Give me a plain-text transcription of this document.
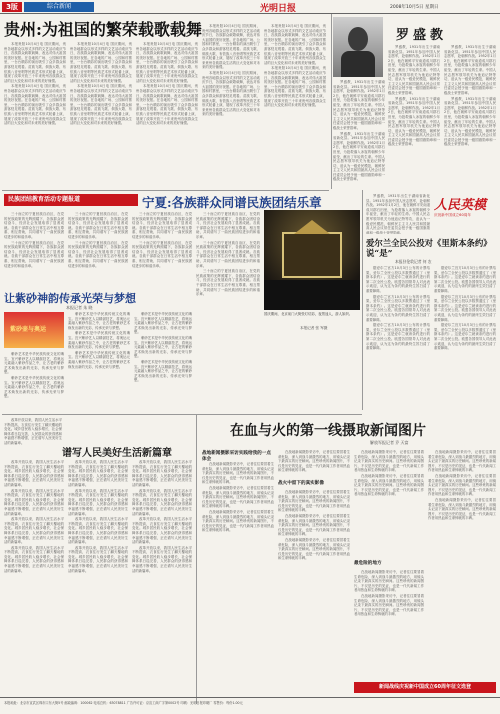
3版	综合新闻	光明日报	2008年10月5日 星期日
贵州:为祖国的繁荣载歌载舞

本报贵阳10月4日电 国庆期间，贵州各地群众以形式多样的文艺活动欢庆节日，各族群众载歌载舞，表达对伟大祖国的美好祝愿。在各地的广场、公园和村寨里，一台台精彩的演出吸引了众多群众和游客驻足观看。苗族飞歌、侗族大歌、布依族八音坐唱等民族艺术形式轮番上演，展现了改革开放三十年来贵州各族群众生活的巨大变化和对未来的美好憧憬。

本报贵阳10月4日电 国庆期间，贵州各地群众以形式多样的文艺活动欢庆节日，各族群众载歌载舞，表达对伟大祖国的美好祝愿。在各地的广场、公园和村寨里，一台台精彩的演出吸引了众多群众和游客驻足观看。苗族飞歌、侗族大歌、布依族八音坐唱等民族艺术形式轮番上演，展现了改革开放三十年来贵州各族群众生活的巨大变化和对未来的美好憧憬。

本报贵阳10月4日电 国庆期间，贵州各地群众以形式多样的文艺活动欢庆节日，各族群众载歌载舞，表达对伟大祖国的美好祝愿。在各地的广场、公园和村寨里，一台台精彩的演出吸引了众多群众和游客驻足观看。苗族飞歌、侗族大歌、布依族八音坐唱等民族艺术形式轮番上演，展现了改革开放三十年来贵州各族群众生活的巨大变化和对未来的美好憧憬。

本报贵阳10月4日电 国庆期间，贵州各地群众以形式多样的文艺活动欢庆节日，各族群众载歌载舞，表达对伟大祖国的美好祝愿。在各地的广场、公园和村寨里，一台台精彩的演出吸引了众多群众和游客驻足观看。苗族飞歌、侗族大歌、布依族八音坐唱等民族艺术形式轮番上演，展现了改革开放三十年来贵州各族群众生活的巨大变化和对未来的美好憧憬。

本报贵阳10月4日电 国庆期间，贵州各地群众以形式多样的文艺活动欢庆节日，各族群众载歌载舞，表达对伟大祖国的美好祝愿。在各地的广场、公园和村寨里，一台台精彩的演出吸引了众多群众和游客驻足观看。苗族飞歌、侗族大歌、布依族八音坐唱等民族艺术形式轮番上演，展现了改革开放三十年来贵州各族群众生活的巨大变化和对未来的美好憧憬。

本报贵阳10月4日电 国庆期间，贵州各地群众以形式多样的文艺活动欢庆节日，各族群众载歌载舞，表达对伟大祖国的美好祝愿。在各地的广场、公园和村寨里，一台台精彩的演出吸引了众多群众和游客驻足观看。苗族飞歌、侗族大歌、布依族八音坐唱等民族艺术形式轮番上演，展现了改革开放三十年来贵州各族群众生活的巨大变化和对未来的美好憧憬。

本报贵阳10月4日电 国庆期间，贵州各地群众以形式多样的文艺活动欢庆节日，各族群众载歌载舞，表达对伟大祖国的美好祝愿。在各地的广场、公园和村寨里，一台台精彩的演出吸引了众多群众和游客驻足观看。苗族飞歌、侗族大歌、布依族八音坐唱等民族艺术形式轮番上演，展现了改革开放三十年来贵州各族群众生活的巨大变化和对未来的美好憧憬。

本报贵阳10月4日电 国庆期间，贵州各地群众以形式多样的文艺活动欢庆节日，各族群众载歌载舞，表达对伟大祖国的美好祝愿。在各地的广场、公园和村寨里，一台台精彩的演出吸引了众多群众和游客驻足观看。苗族飞歌、侗族大歌、布依族八音坐唱等民族艺术形式轮番上演，展现了改革开放三十年来贵州各族群众生活的巨大变化和对未来的美好憧憬。

本报贵阳10月4日电 国庆期间，贵州各地群众以形式多样的文艺活动欢庆节日，各族群众载歌载舞，表达对伟大祖国的美好祝愿。在各地的广场、公园和村寨里，一台台精彩的演出吸引了众多群众和游客驻足观看。苗族飞歌、侗族大歌、布依族八音坐唱等民族艺术形式轮番上演，展现了改革开放三十年来贵州各族群众生活的巨大变化和对未来的美好憧憬。

本报贵阳10月4日电 国庆期间，贵州各地群众以形式多样的文艺活动欢庆节日，各族群众载歌载舞，表达对伟大祖国的美好祝愿。在各地的广场、公园和村寨里，一台台精彩的演出吸引了众多群众和游客驻足观看。苗族飞歌、侗族大歌、布依族八音坐唱等民族艺术形式轮番上演，展现了改革开放三十年来贵州各族群众生活的巨大变化和对未来的美好憧憬。

罗盛教

罗盛教，1931年出生于湖南省新化县。1951年参加中国人民志愿军，赴朝鲜作战。1952年1月2日，他在朝鲜平安南道成川郡石田里，为抢救落入冰窟的朝鲜少年崔莹，献出了年轻的生命。中国人民志愿军领导机关为他追记特等功，追认为一级爱民模范，朝鲜民主主义人民共和国最高人民会议常任委员会授予他一级国旗勋章和一级战士荣誉勋章。

罗盛教，1931年出生于湖南省新化县。1951年参加中国人民志愿军，赴朝鲜作战。1952年1月2日，他在朝鲜平安南道成川郡石田里，为抢救落入冰窟的朝鲜少年崔莹，献出了年轻的生命。中国人民志愿军领导机关为他追记特等功，追认为一级爱民模范，朝鲜民主主义人民共和国最高人民会议常任委员会授予他一级国旗勋章和一级战士荣誉勋章。

罗盛教，1931年出生于湖南省新化县。1951年参加中国人民志愿军，赴朝鲜作战。1952年1月2日，他在朝鲜平安南道成川郡石田里，为抢救落入冰窟的朝鲜少年崔莹，献出了年轻的生命。中国人民志愿军领导机关为他追记特等功，追认为一级爱民模范，朝鲜民主主义人民共和国最高人民会议常任委员会授予他一级国旗勋章和一级战士荣誉勋章。

罗盛教，1931年出生于湖南省新化县。1951年参加中国人民志愿军，赴朝鲜作战。1952年1月2日，他在朝鲜平安南道成川郡石田里，为抢救落入冰窟的朝鲜少年崔莹，献出了年轻的生命。中国人民志愿军领导机关为他追记特等功，追认为一级爱民模范，朝鲜民主主义人民共和国最高人民会议常任委员会授予他一级国旗勋章和一级战士荣誉勋章。

罗盛教，1931年出生于湖南省新化县。1951年参加中国人民志愿军，赴朝鲜作战。1952年1月2日，他在朝鲜平安南道成川郡石田里，为抢救落入冰窟的朝鲜少年崔莹，献出了年轻的生命。中国人民志愿军领导机关为他追记特等功，追认为一级爱民模范，朝鲜民主主义人民共和国最高人民会议常任委员会授予他一级国旗勋章和一级战士荣誉勋章。

罗盛教，1931年出生于湖南省新化县。1951年参加中国人民志愿军，赴朝鲜作战。1952年1月2日，他在朝鲜平安南道成川郡石田里，为抢救落入冰窟的朝鲜少年崔莹，献出了年轻的生命。中国人民志愿军领导机关为他追记特等功，追认为一级爱民模范，朝鲜民主主义人民共和国最高人民会议常任委员会授予他一级国旗勋章和一级战士荣誉勋章。

民族团结教育活动专题报道	宁夏:各族群众同谱民族团结乐章

三十而立的宁夏回族自治区，在党的民族政策的光辉照耀下，各族群众团结奋斗，经济社会发展取得了显著成就。各族干部群众在日常生活中相互尊重、相互帮助，共同谱写了一曲民族团结进步的和谐乐章。

三十而立的宁夏回族自治区，在党的民族政策的光辉照耀下，各族群众团结奋斗，经济社会发展取得了显著成就。各族干部群众在日常生活中相互尊重、相互帮助，共同谱写了一曲民族团结进步的和谐乐章。

三十而立的宁夏回族自治区，在党的民族政策的光辉照耀下，各族群众团结奋斗，经济社会发展取得了显著成就。各族干部群众在日常生活中相互尊重、相互帮助，共同谱写了一曲民族团结进步的和谐乐章。

三十而立的宁夏回族自治区，在党的民族政策的光辉照耀下，各族群众团结奋斗，经济社会发展取得了显著成就。各族干部群众在日常生活中相互尊重、相互帮助，共同谱写了一曲民族团结进步的和谐乐章。

三十而立的宁夏回族自治区，在党的民族政策的光辉照耀下，各族群众团结奋斗，经济社会发展取得了显著成就。各族干部群众在日常生活中相互尊重、相互帮助，共同谱写了一曲民族团结进步的和谐乐章。

三十而立的宁夏回族自治区，在党的民族政策的光辉照耀下，各族群众团结奋斗，经济社会发展取得了显著成就。各族干部群众在日常生活中相互尊重、相互帮助，共同谱写了一曲民族团结进步的和谐乐章。

三十而立的宁夏回族自治区，在党的民族政策的光辉照耀下，各族群众团结奋斗，经济社会发展取得了显著成就。各族干部群众在日常生活中相互尊重、相互帮助，共同谱写了一曲民族团结进步的和谐乐章。

三十而立的宁夏回族自治区，在党的民族政策的光辉照耀下，各族群众团结奋斗，经济社会发展取得了显著成就。各族干部群众在日常生活中相互尊重、相互帮助，共同谱写了一曲民族团结进步的和谐乐章。

三十而立的宁夏回族自治区，在党的民族政策的光辉照耀下，各族群众团结奋斗，经济社会发展取得了显著成就。各族干部群众在日常生活中相互尊重、相互帮助，共同谱写了一曲民族团结进步的和谐乐章。

国庆期间，北京前门大街张灯结彩，夜景迷人，游人如织。
本报记者 张 军摄
让紫砂神韵传承光荣与梦想
本报记者 朱 晓
紫砂壶与奥运

紫砂艺术是中华民族传统文化的瑰宝。宜兴紫砂艺人以精湛技艺，将奥运元素融入紫砂作品之中，让古老的紫砂艺术焕发出新的光彩，传承光荣与梦想。

紫砂艺术是中华民族传统文化的瑰宝。宜兴紫砂艺人以精湛技艺，将奥运元素融入紫砂作品之中，让古老的紫砂艺术焕发出新的光彩，传承光荣与梦想。

紫砂艺术是中华民族传统文化的瑰宝。宜兴紫砂艺人以精湛技艺，将奥运元素融入紫砂作品之中，让古老的紫砂艺术焕发出新的光彩，传承光荣与梦想。

紫砂艺术是中华民族传统文化的瑰宝。宜兴紫砂艺人以精湛技艺，将奥运元素融入紫砂作品之中，让古老的紫砂艺术焕发出新的光彩，传承光荣与梦想。

紫砂艺术是中华民族传统文化的瑰宝。宜兴紫砂艺人以精湛技艺，将奥运元素融入紫砂作品之中，让古老的紫砂艺术焕发出新的光彩，传承光荣与梦想。

紫砂艺术是中华民族传统文化的瑰宝。宜兴紫砂艺人以精湛技艺，将奥运元素融入紫砂作品之中，让古老的紫砂艺术焕发出新的光彩，传承光荣与梦想。

紫砂艺术是中华民族传统文化的瑰宝。宜兴紫砂艺人以精湛技艺，将奥运元素融入紫砂作品之中，让古老的紫砂艺术焕发出新的光彩，传承光荣与梦想。

紫砂艺术是中华民族传统文化的瑰宝。宜兴紫砂艺人以精湛技艺，将奥运元素融入紫砂作品之中，让古老的紫砂艺术焕发出新的光彩，传承光荣与梦想。

罗盛教，1931年出生于湖南省新化县。1951年参加中国人民志愿军，赴朝鲜作战。1952年1月2日，他在朝鲜平安南道成川郡石田里，为抢救落入冰窟的朝鲜少年崔莹，献出了年轻的生命。中国人民志愿军领导机关为他追记特等功，追认为一级爱民模范，朝鲜民主主义人民共和国最高人民会议常任委员会授予他一级国旗勋章和一级战士荣誉勋章。

人民英模
庆祝新中国成立60周年
爱尔兰全民公投对《里斯本条约》说“是”
本报驻伦敦记者 何 农

据爱尔兰官方10月3日公布的计票结果，爱尔兰全民公投以多数票通过了《里斯本条约》。这是爱尔兰就该条约进行的第二次全民公投。欧盟各国领导人对此表示欢迎，认为这为条约的最终生效扫清了重要障碍。

据爱尔兰官方10月3日公布的计票结果，爱尔兰全民公投以多数票通过了《里斯本条约》。这是爱尔兰就该条约进行的第二次全民公投。欧盟各国领导人对此表示欢迎，认为这为条约的最终生效扫清了重要障碍。

据爱尔兰官方10月3日公布的计票结果，爱尔兰全民公投以多数票通过了《里斯本条约》。这是爱尔兰就该条约进行的第二次全民公投。欧盟各国领导人对此表示欢迎，认为这为条约的最终生效扫清了重要障碍。

据爱尔兰官方10月3日公布的计票结果，爱尔兰全民公投以多数票通过了《里斯本条约》。这是爱尔兰就该条约进行的第二次全民公投。欧盟各国领导人对此表示欢迎，认为这为条约的最终生效扫清了重要障碍。

据爱尔兰官方10月3日公布的计票结果，爱尔兰全民公投以多数票通过了《里斯本条约》。这是爱尔兰就该条约进行的第二次全民公投。欧盟各国领导人对此表示欢迎，认为这为条约的最终生效扫清了重要障碍。

据爱尔兰官方10月3日公布的计票结果，爱尔兰全民公投以多数票通过了《里斯本条约》。这是爱尔兰就该条约进行的第二次全民公投。欧盟各国领导人对此表示欢迎，认为这为条约的最终生效扫清了重要障碍。

改革开放以来，我国人民生活水平不断提高，衣食住行发生了翻天覆地的变化。城乡居民收入稳步增长，社会保障体系日趋完善，人民群众的获得感和幸福感不断增强，正在谱写人民美好生活的新篇章。

谱写人民美好生活新篇章

改革开放以来，我国人民生活水平不断提高，衣食住行发生了翻天覆地的变化。城乡居民收入稳步增长，社会保障体系日趋完善，人民群众的获得感和幸福感不断增强，正在谱写人民美好生活的新篇章。

改革开放以来，我国人民生活水平不断提高，衣食住行发生了翻天覆地的变化。城乡居民收入稳步增长，社会保障体系日趋完善，人民群众的获得感和幸福感不断增强，正在谱写人民美好生活的新篇章。

改革开放以来，我国人民生活水平不断提高，衣食住行发生了翻天覆地的变化。城乡居民收入稳步增长，社会保障体系日趋完善，人民群众的获得感和幸福感不断增强，正在谱写人民美好生活的新篇章。

改革开放以来，我国人民生活水平不断提高，衣食住行发生了翻天覆地的变化。城乡居民收入稳步增长，社会保障体系日趋完善，人民群众的获得感和幸福感不断增强，正在谱写人民美好生活的新篇章。

改革开放以来，我国人民生活水平不断提高，衣食住行发生了翻天覆地的变化。城乡居民收入稳步增长，社会保障体系日趋完善，人民群众的获得感和幸福感不断增强，正在谱写人民美好生活的新篇章。

改革开放以来，我国人民生活水平不断提高，衣食住行发生了翻天覆地的变化。城乡居民收入稳步增长，社会保障体系日趋完善，人民群众的获得感和幸福感不断增强，正在谱写人民美好生活的新篇章。

改革开放以来，我国人民生活水平不断提高，衣食住行发生了翻天覆地的变化。城乡居民收入稳步增长，社会保障体系日趋完善，人民群众的获得感和幸福感不断增强，正在谱写人民美好生活的新篇章。

改革开放以来，我国人民生活水平不断提高，衣食住行发生了翻天覆地的变化。城乡居民收入稳步增长，社会保障体系日趋完善，人民群众的获得感和幸福感不断增强，正在谱写人民美好生活的新篇章。

改革开放以来，我国人民生活水平不断提高，衣食住行发生了翻天覆地的变化。城乡居民收入稳步增长，社会保障体系日趋完善，人民群众的获得感和幸福感不断增强，正在谱写人民美好生活的新篇章。

改革开放以来，我国人民生活水平不断提高，衣食住行发生了翻天覆地的变化。城乡居民收入稳步增长，社会保障体系日趋完善，人民群众的获得感和幸福感不断增强，正在谱写人民美好生活的新篇章。

改革开放以来，我国人民生活水平不断提高，衣食住行发生了翻天覆地的变化。城乡居民收入稳步增长，社会保障体系日趋完善，人民群众的获得感和幸福感不断增强，正在谱写人民美好生活的新篇章。

改革开放以来，我国人民生活水平不断提高，衣食住行发生了翻天覆地的变化。城乡居民收入稳步增长，社会保障体系日趋完善，人民群众的获得感和幸福感不断增强，正在谱写人民美好生活的新篇章。

在血与火的第一线摄取新闻图片
解放军报记者 乔 天富
战地新闻摄影采访实践给我的一点体会

在战地新闻摄影采访中，记者往往要冒着生命危险，深入到战斗最激烈的地方，用镜头记录下最真实的历史瞬间。这些珍贵的新闻图片，不仅是历史的见证，也是一代代新闻工作者用热血和生命铸就的丰碑。

在战地新闻摄影采访中，记者往往要冒着生命危险，深入到战斗最激烈的地方，用镜头记录下最真实的历史瞬间。这些珍贵的新闻图片，不仅是历史的见证，也是一代代新闻工作者用热血和生命铸就的丰碑。

在战地新闻摄影采访中，记者往往要冒着生命危险，深入到战斗最激烈的地方，用镜头记录下最真实的历史瞬间。这些珍贵的新闻图片，不仅是历史的见证，也是一代代新闻工作者用热血和生命铸就的丰碑。

战火中留下的真实影像

在战地新闻摄影采访中，记者往往要冒着生命危险，深入到战斗最激烈的地方，用镜头记录下最真实的历史瞬间。这些珍贵的新闻图片，不仅是历史的见证，也是一代代新闻工作者用热血和生命铸就的丰碑。

在战地新闻摄影采访中，记者往往要冒着生命危险，深入到战斗最激烈的地方，用镜头记录下最真实的历史瞬间。这些珍贵的新闻图片，不仅是历史的见证，也是一代代新闻工作者用热血和生命铸就的丰碑。

在战地新闻摄影采访中，记者往往要冒着生命危险，深入到战斗最激烈的地方，用镜头记录下最真实的历史瞬间。这些珍贵的新闻图片，不仅是历史的见证，也是一代代新闻工作者用热血和生命铸就的丰碑。

在战地新闻摄影采访中，记者往往要冒着生命危险，深入到战斗最激烈的地方，用镜头记录下最真实的历史瞬间。这些珍贵的新闻图片，不仅是历史的见证，也是一代代新闻工作者用热血和生命铸就的丰碑。

最危险的地方

在战地新闻摄影采访中，记者往往要冒着生命危险，深入到战斗最激烈的地方，用镜头记录下最真实的历史瞬间。这些珍贵的新闻图片，不仅是历史的见证，也是一代代新闻工作者用热血和生命铸就的丰碑。

在战地新闻摄影采访中，记者往往要冒着生命危险，深入到战斗最激烈的地方，用镜头记录下最真实的历史瞬间。这些珍贵的新闻图片，不仅是历史的见证，也是一代代新闻工作者用热血和生命铸就的丰碑。

在战地新闻摄影采访中，记者往往要冒着生命危险，深入到战斗最激烈的地方，用镜头记录下最真实的历史瞬间。这些珍贵的新闻图片，不仅是历史的见证，也是一代代新闻工作者用热血和生命铸就的丰碑。

在战地新闻摄影采访中，记者往往要冒着生命危险，深入到战斗最激烈的地方，用镜头记录下最真实的历史瞬间。这些珍贵的新闻图片，不仅是历史的见证，也是一代代新闻工作者用热血和生命铸就的丰碑。

在战地新闻摄影采访中，记者往往要冒着生命危险，深入到战斗最激烈的地方，用镜头记录下最真实的历史瞬间。这些珍贵的新闻图片，不仅是历史的见证，也是一代代新闻工作者用热血和生命铸就的丰碑。

在战地新闻摄影采访中，记者往往要冒着生命危险，深入到战斗最激烈的地方，用镜头记录下最真实的历史瞬间。这些珍贵的新闻图片，不仅是历史的见证，也是一代代新闻工作者用热血和生命铸就的丰碑。

在战地新闻摄影采访中，记者往往要冒着生命危险，深入到战斗最激烈的地方，用镜头记录下最真实的历史瞬间。这些珍贵的新闻图片，不仅是历史的见证，也是一代代新闻工作者用热血和生命铸就的丰碑。

新闻战线庆祝新中国成立60周年征文选登
本报地址：北京市宣武区珠市口东大街5号 邮政编码：100062 电话总机：63078811 广告许可证：京宣工商广字第0002号 印刷：光明日报印刷厂 零售价：每份1.00元
